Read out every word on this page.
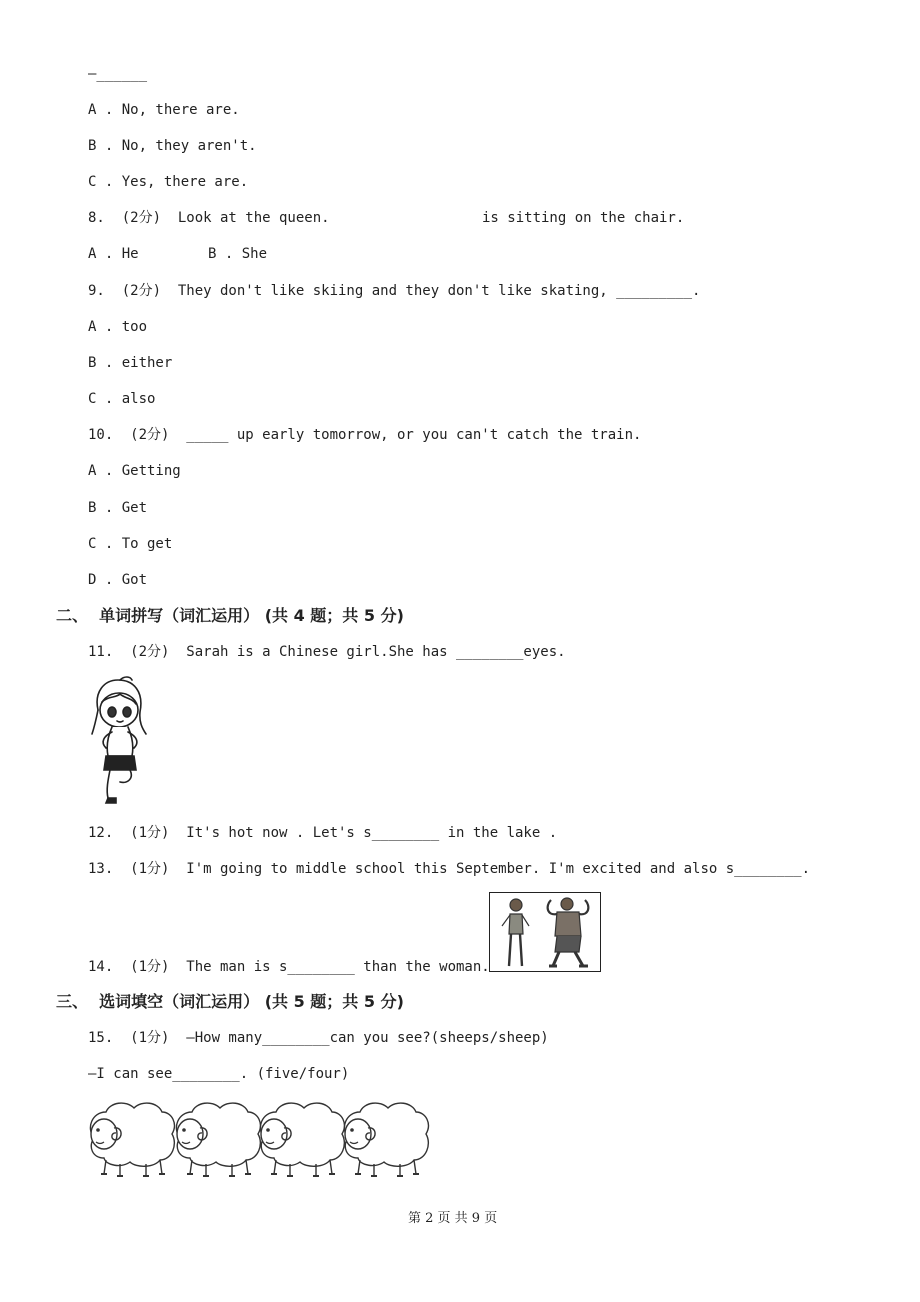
—______
A . No, there are.
B . No, they aren't.
C . Yes, there are.
8.  (2分)  Look at the queen.	is sitting on the chair.
A . He	B . She
9.  (2分)  They don't like skiing and they don't like skating, _________.
A . too
B . either
C . also
10.  (2分)  _____ up early tomorrow, or you can't catch the train.
A . Getting
B . Get
C . To get
D . Got
二、  单词拼写（词汇运用） (共 4 题；共 5 分)
11.  (2分)  Sarah is a Chinese girl.She has ________eyes.
12.  (1分)  It's hot now . Let's s________ in the lake .
13.  (1分)  I'm going to middle school this September. I'm excited and also s________.
14.  (1分)  The man is s________ than the woman.
三、  选词填空（词汇运用） (共 5 题；共 5 分)
15.  (1分)  —How many________can you see?(sheeps/sheep)
—I can see________. (five/four)
第 2 页 共 9 页
